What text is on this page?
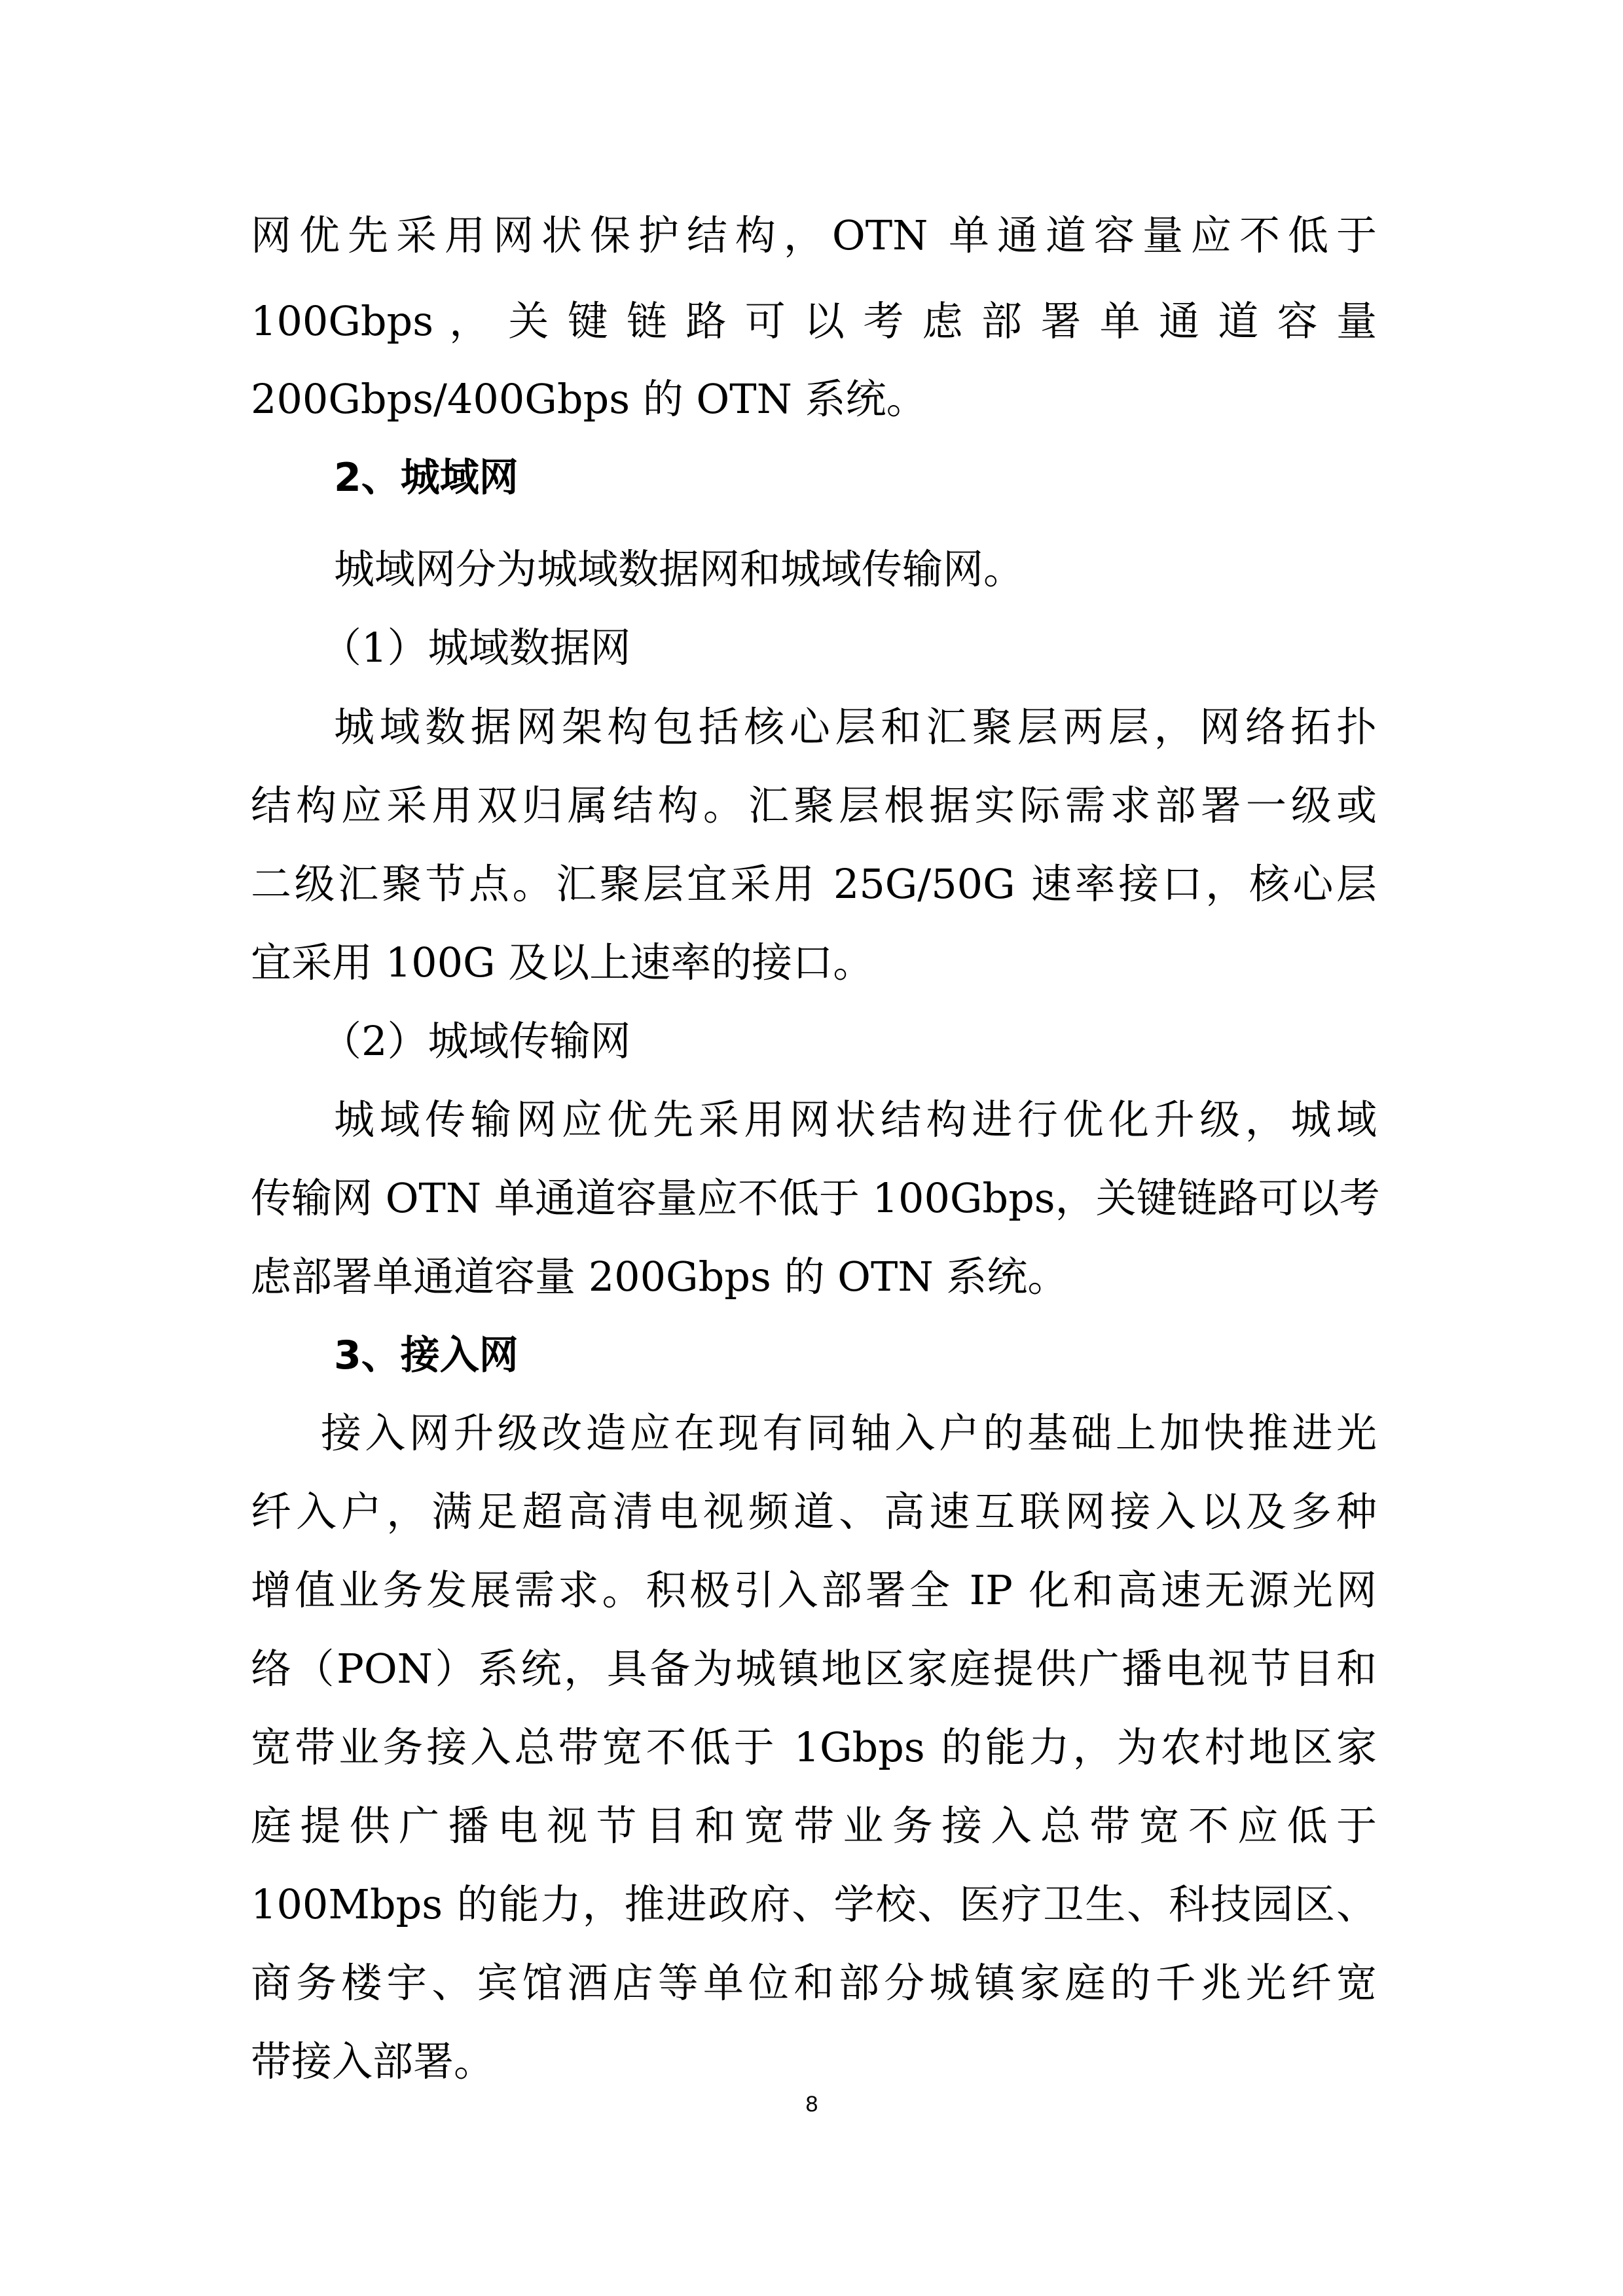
网优先采用网状保护结构，OTN 单通道容量应不低于
100Gbps ， 关 键 链 路 可 以 考 虑 部 署 单 通 道 容 量
200Gbps/400Gbps 的 OTN 系统。
2、城域网
城域网分为城域数据网和城域传输网。
（1）城域数据网
城域数据网架构包括核心层和汇聚层两层，网络拓扑
结构应采用双归属结构。汇聚层根据实际需求部署一级或
二级汇聚节点。汇聚层宜采用 25G/50G 速率接口，核心层
宜采用 100G 及以上速率的接口。
（2）城域传输网
城域传输网应优先采用网状结构进行优化升级，城域
传输网 OTN 单通道容量应不低于 100Gbps，关键链路可以考
虑部署单通道容量 200Gbps 的 OTN 系统。
3、接入网
接入网升级改造应在现有同轴入户的基础上加快推进光
纤入户，满足超高清电视频道、高速互联网接入以及多种
增值业务发展需求。积极引入部署全 IP 化和高速无源光网
络（PON）系统，具备为城镇地区家庭提供广播电视节目和
宽带业务接入总带宽不低于 1Gbps 的能力，为农村地区家
庭提供广播电视节目和宽带业务接入总带宽不应低于
100Mbps 的能力，推进政府、学校、医疗卫生、科技园区、
商务楼宇、宾馆酒店等单位和部分城镇家庭的千兆光纤宽
带接入部署。
8
